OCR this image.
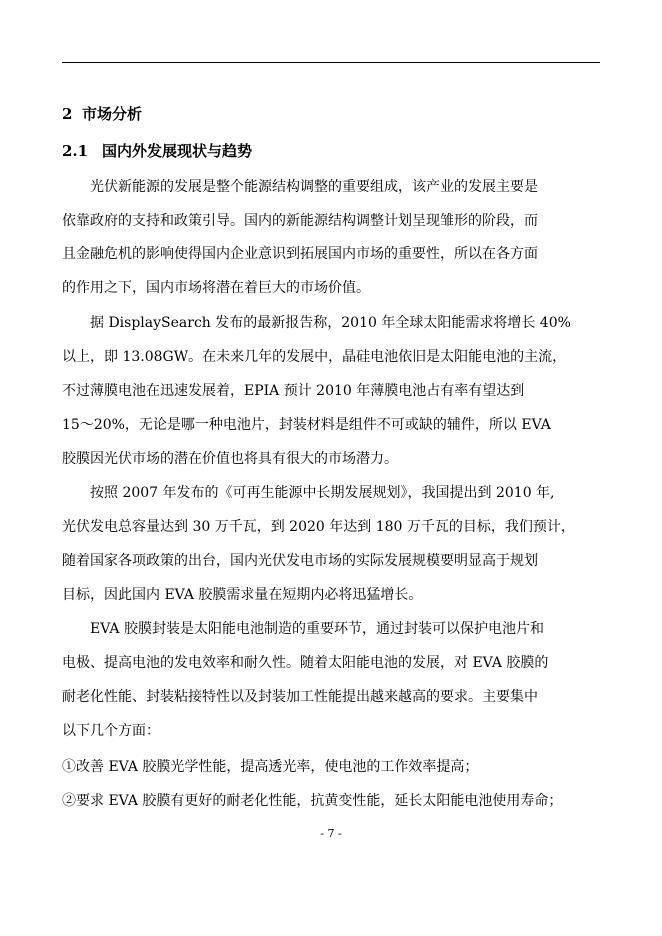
2 市场分析
2.1 国内外发展现状与趋势
　　光伏新能源的发展是整个能源结构调整的重要组成，该产业的发展主要是
依靠政府的支持和政策引导。国内的新能源结构调整计划呈现雏形的阶段，而
且金融危机的影响使得国内企业意识到拓展国内市场的重要性，所以在各方面
的作用之下，国内市场将潜在着巨大的市场价值。
　　据 DisplaySearch 发布的最新报告称，2010 年全球太阳能需求将增长 40%
以上，即 13.08GW。在未来几年的发展中，晶硅电池依旧是太阳能电池的主流，
不过薄膜电池在迅速发展着，EPIA 预计 2010 年薄膜电池占有率有望达到
15～20%，无论是哪一种电池片，封装材料是组件不可或缺的辅件，所以 EVA
胶膜因光伏市场的潜在价值也将具有很大的市场潜力。
　　按照 2007 年发布的《可再生能源中长期发展规划》，我国提出到 2010 年,
光伏发电总容量达到 30 万千瓦，到 2020 年达到 180 万千瓦的目标，我们预计，
随着国家各项政策的出台，国内光伏发电市场的实际发展规模要明显高于规划
目标，因此国内 EVA 胶膜需求量在短期内必将迅猛增长。
　　EVA 胶膜封装是太阳能电池制造的重要环节，通过封装可以保护电池片和
电极、提高电池的发电效率和耐久性。随着太阳能电池的发展，对 EVA 胶膜的
耐老化性能、封装粘接特性以及封装加工性能提出越来越高的要求。主要集中
以下几个方面：
①改善 EVA 胶膜光学性能，提高透光率，使电池的工作效率提高；
②要求 EVA 胶膜有更好的耐老化性能，抗黄变性能，延长太阳能电池使用寿命；
- 7 -
